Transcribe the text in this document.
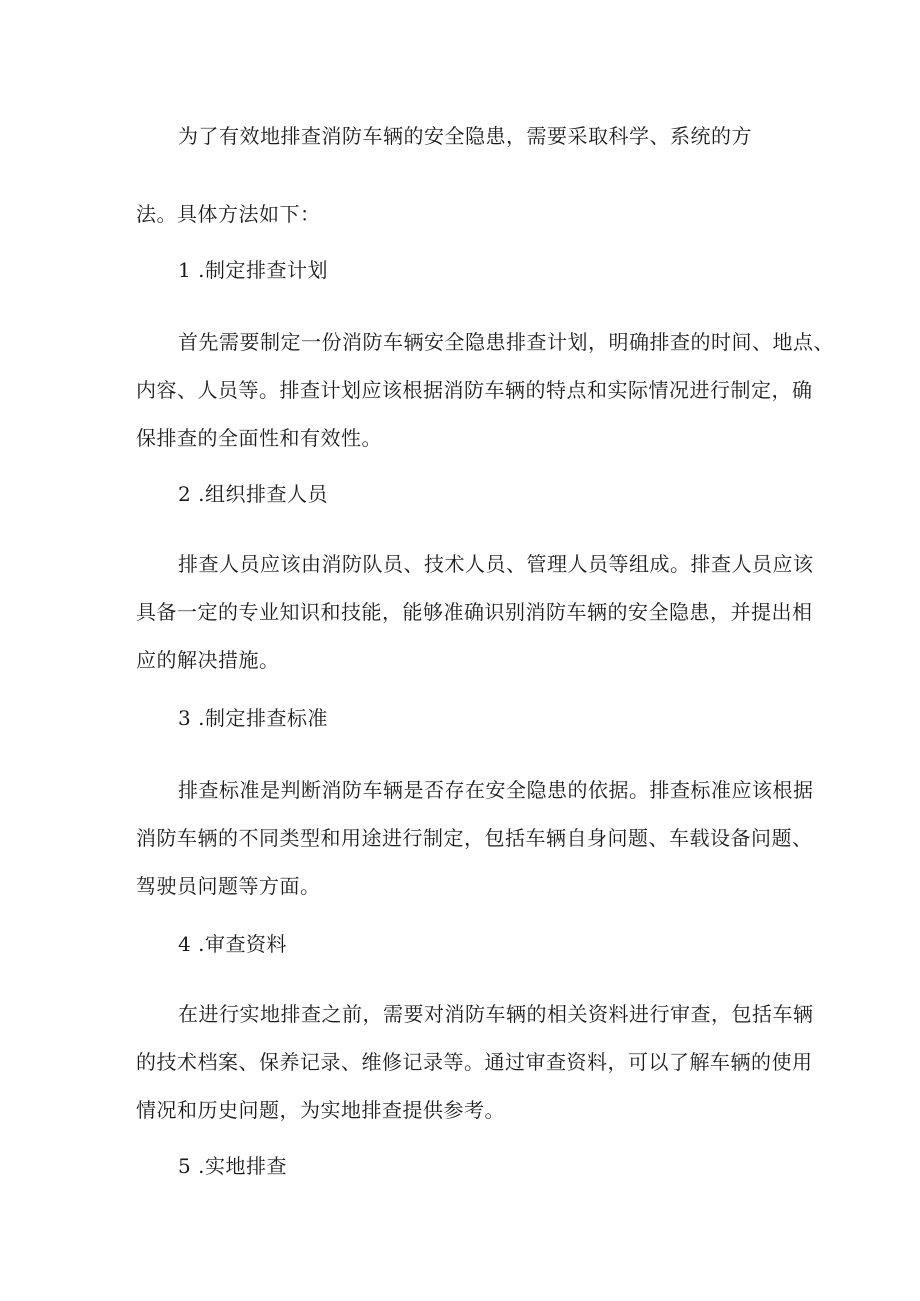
为了有效地排查消防车辆的安全隐患，需要采取科学、系统的方
法。具体方法如下：
1 .制定排查计划
首先需要制定一份消防车辆安全隐患排查计划，明确排查的时间、地点、
内容、人员等。排查计划应该根据消防车辆的特点和实际情况进行制定，确
保排查的全面性和有效性。
2 .组织排查人员
排查人员应该由消防队员、技术人员、管理人员等组成。排查人员应该
具备一定的专业知识和技能，能够准确识别消防车辆的安全隐患，并提出相
应的解决措施。
3 .制定排查标准
排查标准是判断消防车辆是否存在安全隐患的依据。排查标准应该根据
消防车辆的不同类型和用途进行制定，包括车辆自身问题、车载设备问题、
驾驶员问题等方面。
4 .审查资料
在进行实地排查之前，需要对消防车辆的相关资料进行审查，包括车辆
的技术档案、保养记录、维修记录等。通过审查资料，可以了解车辆的使用
情况和历史问题，为实地排查提供参考。
5 .实地排查
